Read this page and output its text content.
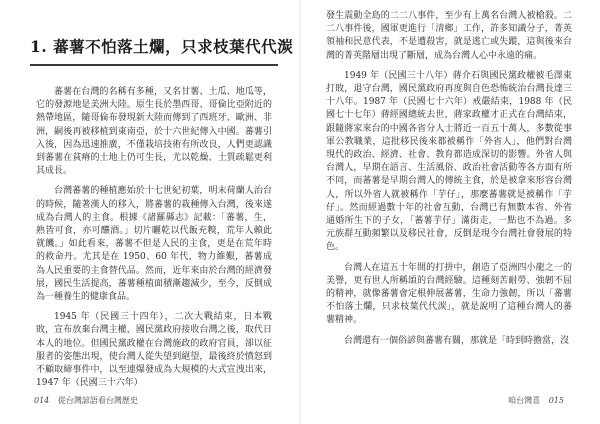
1. 蕃薯不怕落土爛，只求枝葉代代湠

蕃薯在台灣的名稱有多種，又名甘薯、土瓜、地瓜等，它的發源地是美洲大陸。原生長於墨西哥、哥倫比亞附近的熱帶地區，隨哥倫布發現新大陸而傳到了西班牙、歐洲、非洲，嗣後再被移植到東南亞，於十六世紀傳入中國。蕃薯引入後，因為迅速推廣，不僅栽培技術有所改良，人們更認識到蕃薯在貧瘠的土地上仍可生長，尤以乾燥、土質疏鬆更利其成長。

台灣蕃薯的種植應始於十七世紀初葉，明末荷蘭人治台的時候，隨著漢人的移入，將蕃薯的栽種傳入台灣，後來遂成為台灣人的主食。根據《諸羅縣志》記載：「蕃薯，生，熟皆可食，亦可釀酒。」切片曬乾以代飯充糗，荒年人賴此就饑。」如此看來，蕃薯不但是人民的主食，更是在荒年時的救命丹。尤其是在 1950、60 年代，物力維艱，蕃薯成為人民重要的主食替代品。然而，近年來由於台灣的經濟發展，國民生活提高，蕃薯種植面積漸趨減少，至今，反倒成為一種養生的健康食品。

1945 年（民國三十四年），二次大戰結束，日本戰敗，宣布放棄台灣主權，國民黨政府接收台灣之後，取代日本人的地位。但國民黨政權在台灣施政的政府官員，卻以征服者的姿態出現，使台灣人從失望到絕望，最後終於憤怒到不顧取締事件中，以至連爆發成為大規模的大式宣洩出來，1947 年（民國三十六年）

014 從台灣諺語看台灣歷史

發生震動全島的二二八事件，至少有上萬名台灣人被槍殺。二二八事件後，國軍更進行「清鄉」工作，許多知識分子，菁英領袖和民意代表，不是遭殺害，就是逃亡或失蹤，這與後來台灣的菁英階層出現了斷層，成為台灣人心中永遠的痛。

1949 年（民國三十八年）蔣介石與國民黨政權被毛澤東打敗，退守台灣，國民黨政府再度與自色恐怖統治台灣長達三十八年。1987 年（民國七十六年）戒嚴結束，1988 年（民國七十七年）蔣經國總統去世，蔣家政權才正式在台灣結束，跟隨蔣家來台的中國各省分人士將近一百五十萬人，多數從事軍公教職業，這批移民後來都被稱作「外省人」，他們對台灣現代的政治、經濟、社會、教育都造成深切的影響。外省人與台灣人，早期在語言、生活風俗、政治社會活動等各方面有所不同，而蕃薯是早期台灣人的傳統主食，於是被拿來形容台灣人，所以外省人就被稱作「芋仔」，那麼蕃薯就是被稱作「芋仔」。然而經過數十年的社會互動，台灣已有無數本省、外省通婚所生下的子女，「蕃薯芋仔」滿街走，一點也不為過。多元族群互動頻繁以及移民社會，反倒是現今台灣社會發展的特色。

台灣人在這五十年間的打拼中，創造了亞洲四小龍之一的美譽，更有世人所稱頌的台灣經驗。這種刻苦耐勞、強韌不屈的精神，就像蕃薯會定根伸展蕃薯，生命力強韌，所以「蕃薯不怕落土爛，只求枝葉代代湠」，就是說明了這種台灣人的蕃薯精神。

台灣還有一個俗諺與蕃薯有關，那就是「時到時擔當，沒

咱台灣喜 015
